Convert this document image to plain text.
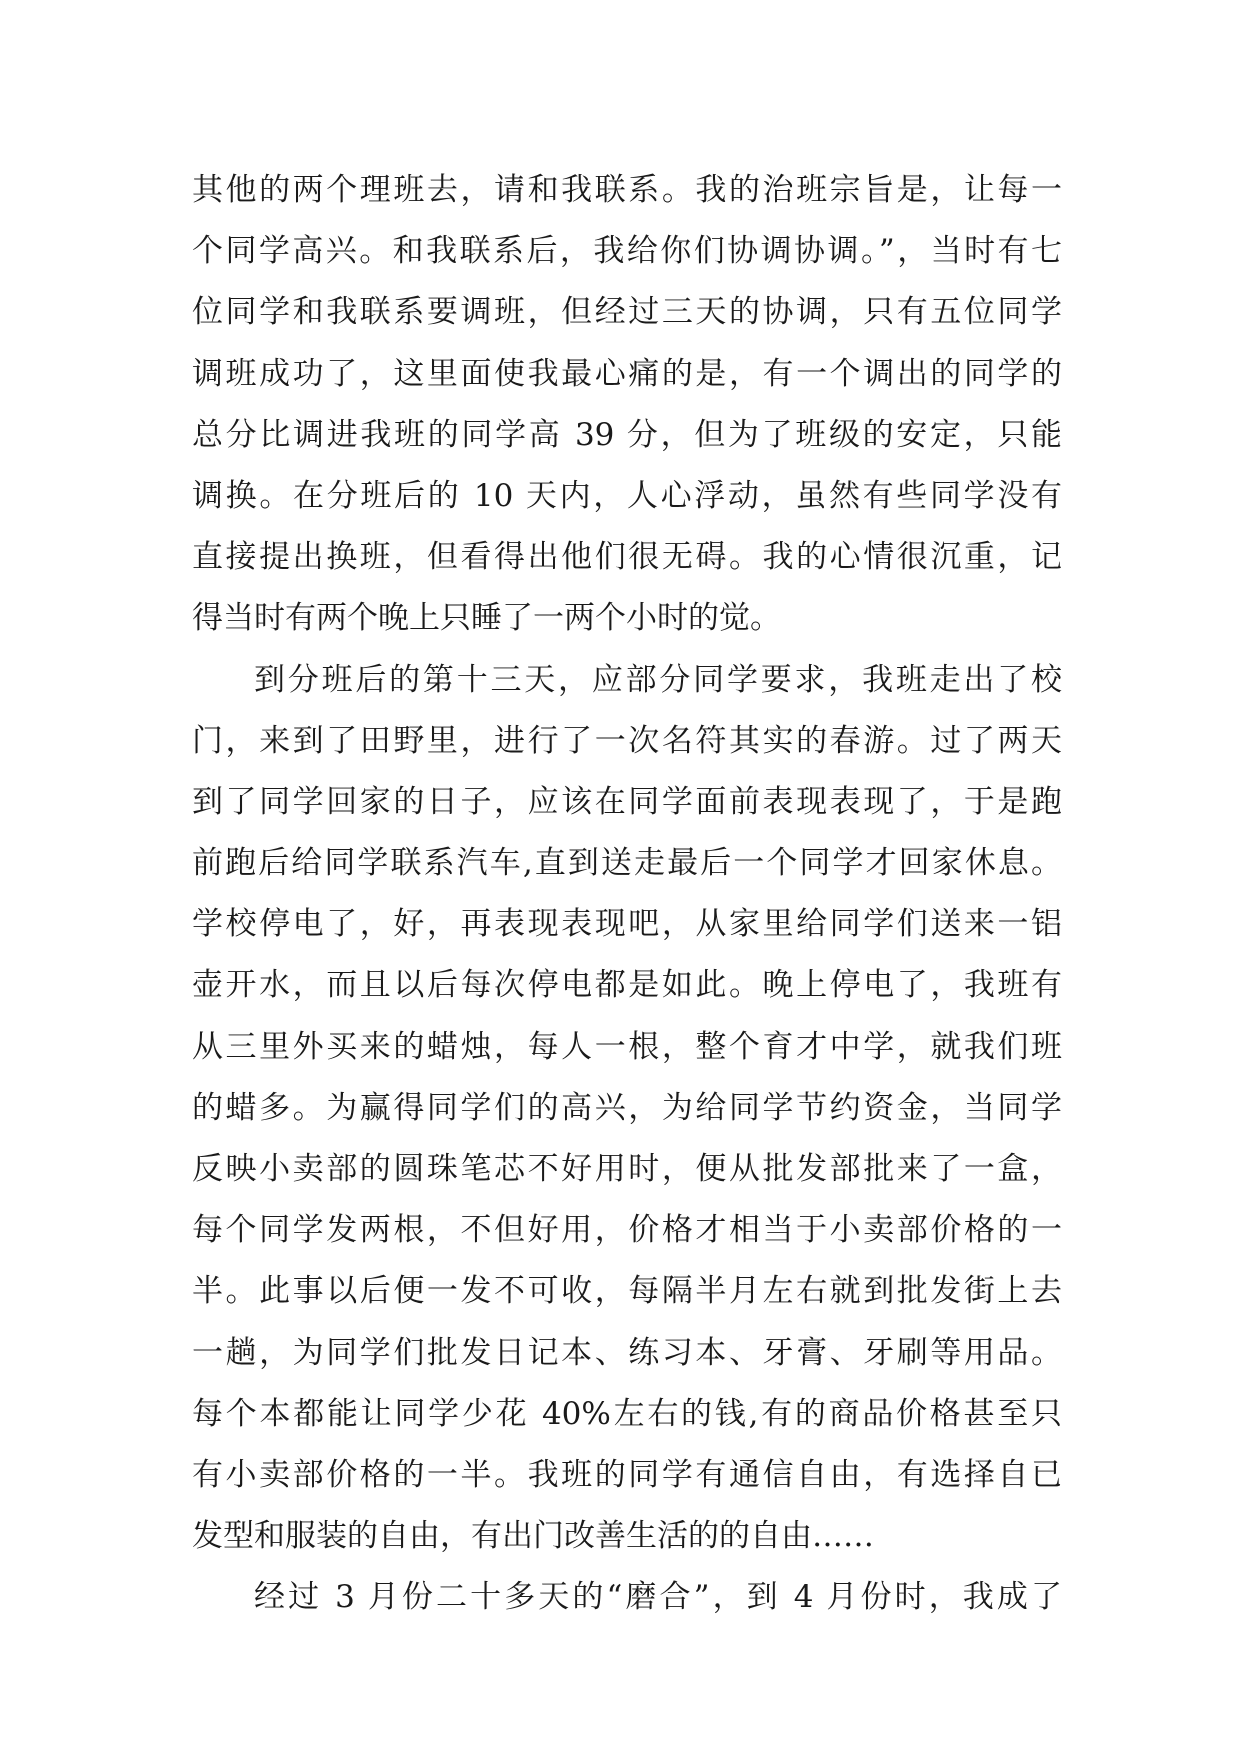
其他的两个理班去，请和我联系。我的治班宗旨是，让每一
个同学高兴。和我联系后，我给你们协调协调。”，当时有七
位同学和我联系要调班，但经过三天的协调，只有五位同学
调班成功了，这里面使我最心痛的是，有一个调出的同学的
总分比调进我班的同学高 39 分，但为了班级的安定，只能
调换。在分班后的 10 天内，人心浮动，虽然有些同学没有
直接提出换班，但看得出他们很无碍。我的心情很沉重，记
得当时有两个晚上只睡了一两个小时的觉。
到分班后的第十三天，应部分同学要求，我班走出了校
门，来到了田野里，进行了一次名符其实的春游。过了两天
到了同学回家的日子，应该在同学面前表现表现了，于是跑
前跑后给同学联系汽车,直到送走最后一个同学才回家休息。
学校停电了，好，再表现表现吧，从家里给同学们送来一铝
壶开水，而且以后每次停电都是如此。晚上停电了，我班有
从三里外买来的蜡烛，每人一根，整个育才中学，就我们班
的蜡多。为赢得同学们的高兴，为给同学节约资金，当同学
反映小卖部的圆珠笔芯不好用时，便从批发部批来了一盒，
每个同学发两根，不但好用，价格才相当于小卖部价格的一
半。此事以后便一发不可收，每隔半月左右就到批发街上去
一趟，为同学们批发日记本、练习本、牙膏、牙刷等用品。
每个本都能让同学少花 40%左右的钱,有的商品价格甚至只
有小卖部价格的一半。我班的同学有通信自由，有选择自已
发型和服装的自由，有出门改善生活的的自由……
经过 3 月份二十多天的“磨合”，到 4 月份时，我成了
